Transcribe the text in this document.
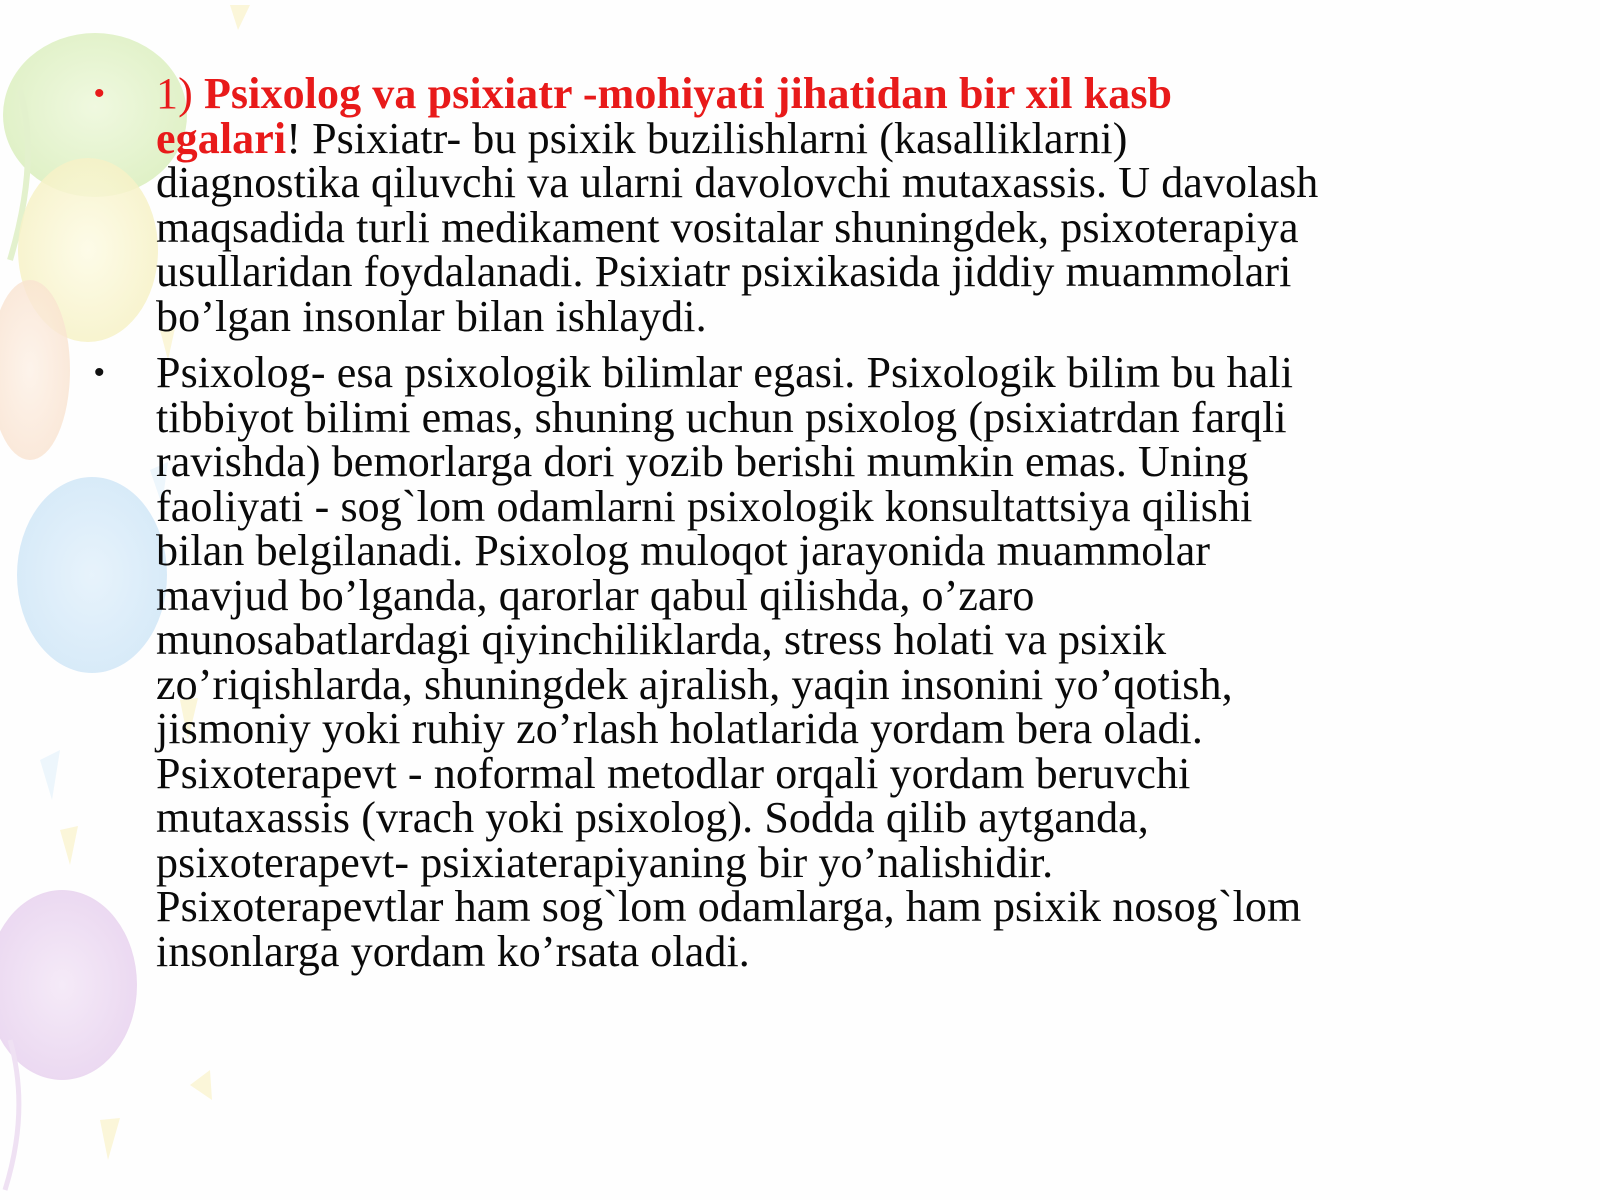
• 1) Psixolog va psixiatr -mohiyati jihatidan bir xil kasb
egalari! Psixiatr- bu psixik buzilishlarni (kasalliklarni)
diagnostika qiluvchi va ularni davolovchi mutaxassis. U davolash
maqsadida turli medikament vositalar shuningdek, psixoterapiya
usullaridan foydalanadi. Psixiatr psixikasida jiddiy muammolari
bo’lgan insonlar bilan ishlaydi.
• Psixolog- esa psixologik bilimlar egasi. Psixologik bilim bu hali
tibbiyot bilimi emas, shuning uchun psixolog (psixiatrdan farqli
ravishda) bemorlarga dori yozib berishi mumkin emas. Uning
faoliyati - sog`lom odamlarni psixologik konsultattsiya qilishi
bilan belgilanadi. Psixolog muloqot jarayonida muammolar
mavjud bo’lganda, qarorlar qabul qilishda, o’zaro
munosabatlardagi qiyinchiliklarda, stress holati va psixik
zo’riqishlarda, shuningdek ajralish, yaqin insonini yo’qotish,
jismoniy yoki ruhiy zo’rlash holatlarida yordam bera oladi.
Psixoterapevt - noformal metodlar orqali yordam beruvchi
mutaxassis (vrach yoki psixolog). Sodda qilib aytganda,
psixoterapevt- psixiaterapiyaning bir yo’nalishidir.
Psixoterapevtlar ham sog`lom odamlarga, ham psixik nosog`lom
insonlarga yordam ko’rsata oladi.
